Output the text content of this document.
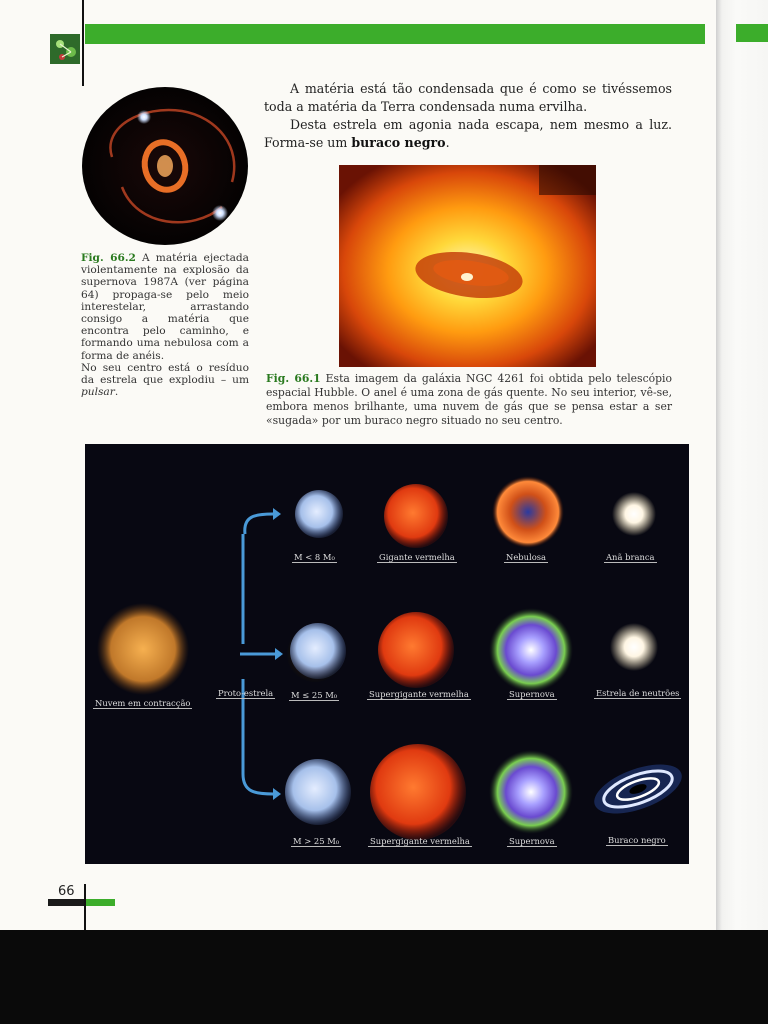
A matéria está tão condensada que é como se tivéssemos toda a matéria da Terra condensada numa ervilha.

Desta estrela em agonia nada escapa, nem mesmo a luz. Forma-se um buraco negro.

Fig. 66.2 A matéria ejectada violentamente na explosão da supernova 1987A (ver página 64) propaga-se pelo meio interestelar, arrastando consigo a matéria que encontra pelo caminho, e formando uma nebulosa com a forma de anéis.
No seu centro está o resíduo da estrela que explodiu – um pulsar.
Fig. 66.1 Esta imagem da galáxia NGC 4261 foi obtida pelo telescópio espacial Hubble. O anel é uma zona de gás quente. No seu interior, vê-se, embora menos brilhante, uma nuvem de gás que se pensa estar a ser «sugada» por um buraco negro situado no seu centro.
Nuvem em contracção
Proto-estrela
M < 8 M₀	Gigante vermelha	Nebulosa	Anã branca
M ≤ 25 M₀	Supergigante vermelha	Supernova	Estrela de neutrões
M > 25 M₀	Supergigante vermelha	Supernova	Buraco negro
66
